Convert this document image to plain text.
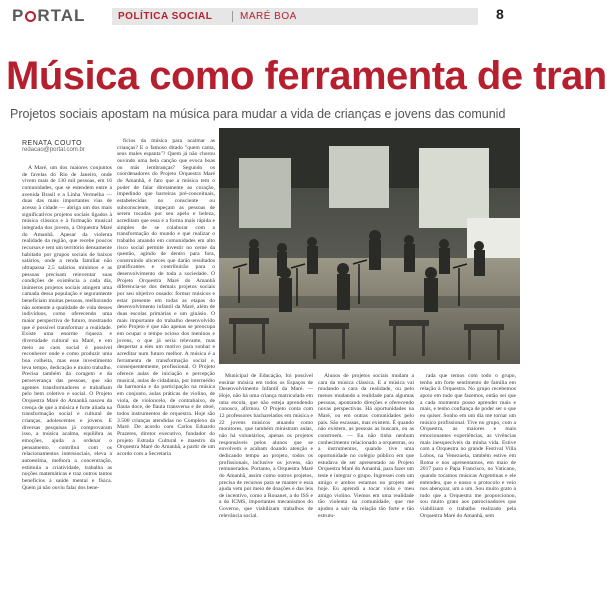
P RTAL	POLÍTICA SOCIAL	MARÉ BOA	8
Música como ferramenta de tran
Projetos sociais apostam na música para mudar a vida de crianças e jovens das comunid
RENATA COUTO
redacao@portal.com.br

A Maré, um dos maiores conjuntos de favelas do Rio de Janeiro, onde vivem mais de 130 mil pessoas, em 16 comunidades, que se estendem entre a avenida Brasil e a Linha Vermelha — duas das mais importantes vias de acesso à cidade — abriga um dos mais significativos projetos sociais ligados à música clássica e à formação musical integrada dos jovens, a Orquestra Maré do Amanhã. Apesar da violenta realidade da região, que recebe poucos recursos e tem um território densamente habitado por grupos sociais de baixos salários, onde a renda familiar não ultrapassa 2,5 salários mínimos e as pessoas precisam reinventar suas condições de existência a cada dia, inúmeros projetos sociais atingem uma camada dessa população e seguramente beneficiam muitas pessoas, melhorando não somente a qualidade de vida desses indivíduos, como oferecendo uma maior perspectiva de futuro, mostrando que é possível transformar a realidade. Existe uma enorme riqueza e diversidade cultural na Maré, e em meio ao caos social é possível reconhecer onde e como produzir uma boa colheita, mas esse investimento leva tempo, dedicação e muito trabalho. Precisa também da coragem e da perseverança das pessoas, que são agentes transformadores e trabalham pelo bem coletivo e social. O Projeto Orquestra Maré do Amanhã nasceu da crença de que a música é forte aliada na transformação social e cultural de crianças, adolescentes e jovens. E diversas pesquisas já comprovaram isso, a música acalma, equilibra as emoções, ajuda a ordenar o pensamento, contribui com os relacionamentos interssociais, eleva a autoestima, melhora a concentração, estimula a criatividade, trabalha as noções matemáticas e traz outros tantos benefícios à saúde mental e física. Quem já não ouviu falar dos bene-

fícios da música para acalmar as crianças? E o famoso ditado "quem canta, seus males espanta"? Quem já não chorou ouvindo uma bela canção que evoca boas ou más lembranças? Segundo os coordenadores do Projeto Orquestra Maré do Amanhã, é fato que a música tem o poder de falar diretamente ao coração, impedindo que barreiras pré-conceituais, estabelecidas no consciente ou subconsciente, impeçam as pessoas de serem tocadas por seu apelo e beleza, acreditam que essa é a forma mais rápida e simples de se colaborar com a transformação do mundo e que realizar o trabalho atuando em comunidades em alto risco social permite investir no cerne da questão, agindo de dentro para fora, construindo alicerces que darão resultados gratificantes e contribuirão para o desenvolvimento de toda a sociedade. O Projeto Orquestra Maré do Amanhã diferencia-se dos demais projetos sociais por seu objetivo ousado: formar músicos e estar presente em todas as etapas do desenvolvimento infantil da Maré, além de duas escolas primárias e um ginásio. O mais importante do trabalho desenvolvido pelo Projeto é que não apenas se preocupa em ocupar o tempo ocioso dos meninos e jovens, o que já seria relevante, mas despertar a eles um motivo para sonhar e acreditar num futuro melhor. A música é a ferramenta de transformação social e, consequentemente, profissional. O Projeto oferece aulas de iniciação e percepção musical, aulas de cidadania, por intermédio da harmonia e da participação na música em conjunto, aulas práticas de violino, de viola, de violoncelo, de contrabaixo, de flauta doce, de flauta transversa e de oboé, todos instrumentos de orquestra. Hoje são 3.500 crianças atendidas no Complexo da Maré. De acordo com Carlos Eduardo Prazeres, diretor executivo, fundador do projeto Estrada Cultural e maestro da Orquestra Maré do Amanhã, a partir de um acordo com a Secretaria

Municipal de Educação, foi possível ensinar música em todos os Espaços de Desenvolvimento Infantil da Maré. — Hoje, não há uma criança matriculada em uma escola, que não esteja aprendendo conosco, afirmou. O Projeto conta com 12 professores bacharelados em música e 22 jovens músicos atuando como monitores, que também ministram aulas, não há voluntários, apenas os projetos responsáveis pelos alunos que se envolvem e acabam doando atenção e dedicando tempo ao projeto, todos os profissionais, inclusive os jovens, são remunerados. Portanto, a Orquestra Maré do Amanhã, assim como outros projetos, precisa de recursos para se manter e essa ajuda vem por meio de doações e das leis de incentivo, como a Rouanet, a do ISS e a do ICMS, importantes mecanismos do Governo, que viabilizam trabalhos de relevância social.

Alunos de projetos sociais mudam a cara da música clássica. E a música vai mudando a cara da realidade, ou pelo menos mudando a realidade para algumas pessoas, apontando direções e oferecendo novas perspectivas. Há oportunidades na Maré, ou em outras comunidades pelo país. São escassas, mas existem. É quando não existem, as pessoas as buscam, ou as constroem. — Eu não tinha nenhum conhecimento relacionado a orquestras, ou a instrumentos, quando tive uma oportunidade no colégio público em que estudava de ser apresentado ao Projeto Orquestra Maré do Amanhã, para fazer um teste e integrar o grupo. Ingressei com um amigo e ambos estamos no projeto até hoje. Eu aprendi a tocar viola e meu amigo violino. Viemos em uma realidade tão violenta na comunidade, que me ajudou a sair da relação tão forte e tão estrutu-

rada que temos com todo o grupo, tenho um forte sentimento de família em relação à Orquestra. No grupo recebemos apoio em tudo que fazemos, então sei que a cada momento posso aprender mais e mais, e tenho confiança de poder ser o que eu quiser. Sonho em um dia me tornar um músico profissional. Tive no grupo, com a Orquestra, as maiores e mais emocionantes experiências, as vivências mais inesquecíveis da minha vida. Estive com a Orquestra no grande Festival Villa Lobos, na Venezuela, também estive em Roma e nos apresentamos, em maio de 2017 para o Papa Francisco, no Vaticano, quando tocamos músicas Argentinas e ele entendeu, que o nosso o protocolo e veio nos abençoar, um a um. Sou muito grato a tudo que a Orquestra me proporcionou, sou muito grato aos patrocinadores que viabilizam o trabalho realizado pela Orquestra Maré do Amanhã, sem
